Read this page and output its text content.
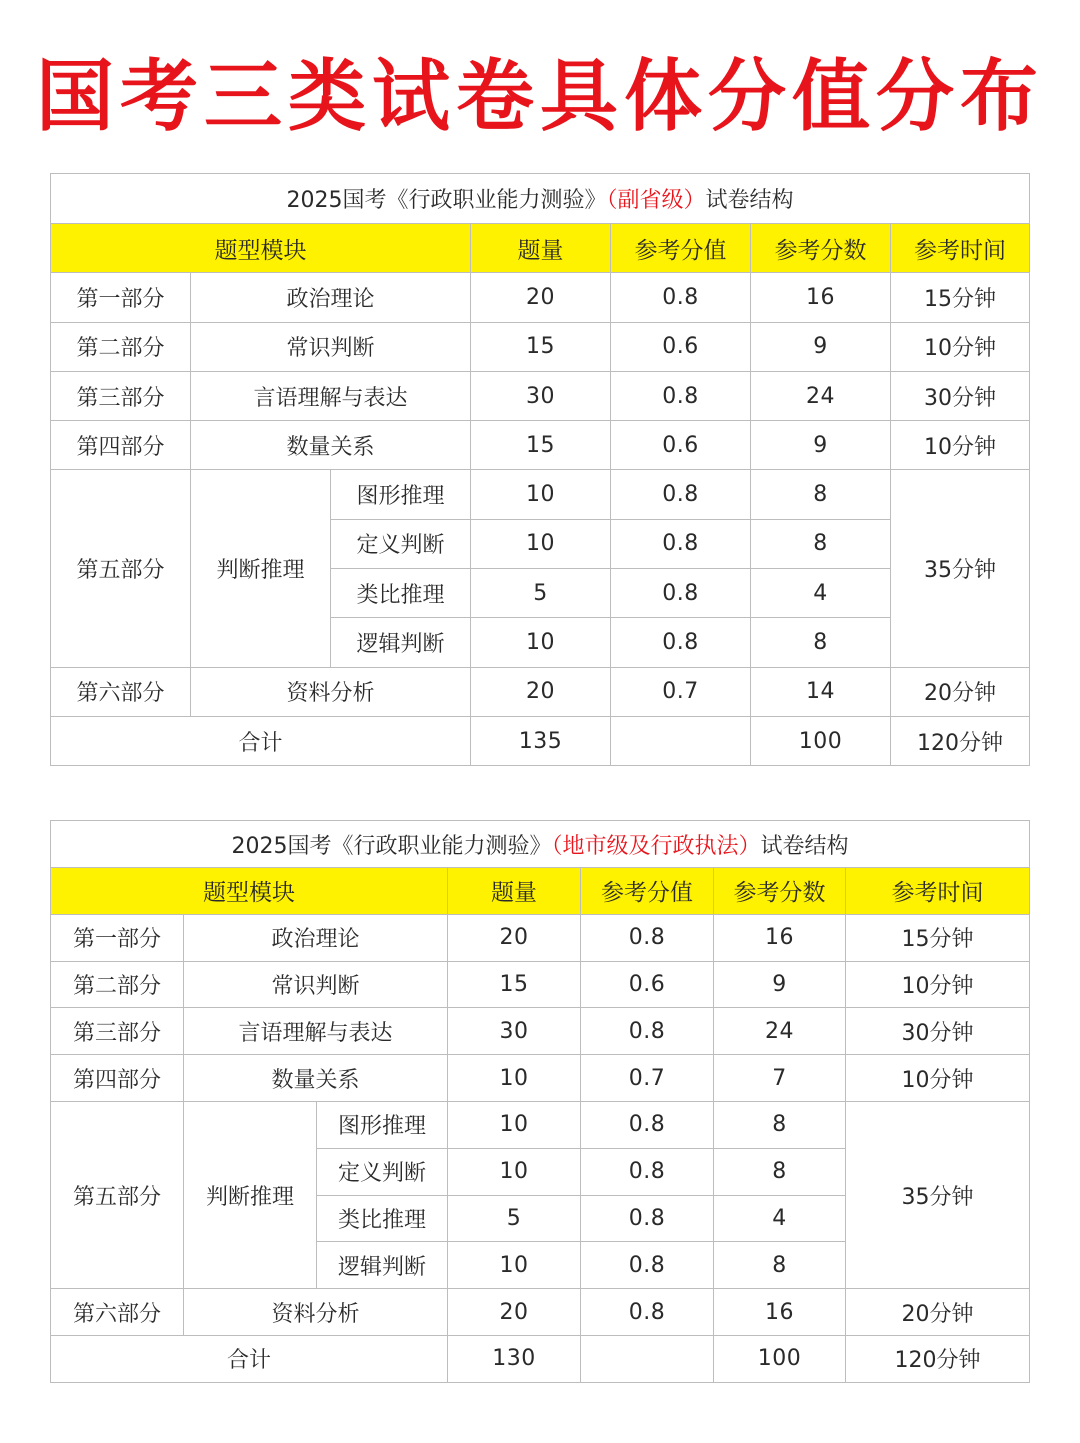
国考三类试卷具体分值分布
2025国考《行政职业能力测验》（副省级）试卷结构						
题型模块			题量	参考分值	参考分数	参考时间
第一部分	政治理论		20	0.8	16	15分钟
第二部分	常识判断		15	0.6	9	10分钟
第三部分	言语理解与表达		30	0.8	24	30分钟
第四部分	数量关系		15	0.6	9	10分钟
第五部分	判断推理	图形推理	10	0.8	8	35分钟
		定义判断	10	0.8	8	
		类比推理	5	0.8	4	
		逻辑判断	10	0.8	8	
第六部分	资料分析		20	0.7	14	20分钟
合计			135		100	120分钟
2025国考《行政职业能力测验》（地市级及行政执法）试卷结构						
题型模块			题量	参考分值	参考分数	参考时间
第一部分	政治理论		20	0.8	16	15分钟
第二部分	常识判断		15	0.6	9	10分钟
第三部分	言语理解与表达		30	0.8	24	30分钟
第四部分	数量关系		10	0.7	7	10分钟
第五部分	判断推理	图形推理	10	0.8	8	35分钟
		定义判断	10	0.8	8	
		类比推理	5	0.8	4	
		逻辑判断	10	0.8	8	
第六部分	资料分析		20	0.8	16	20分钟
合计			130		100	120分钟
